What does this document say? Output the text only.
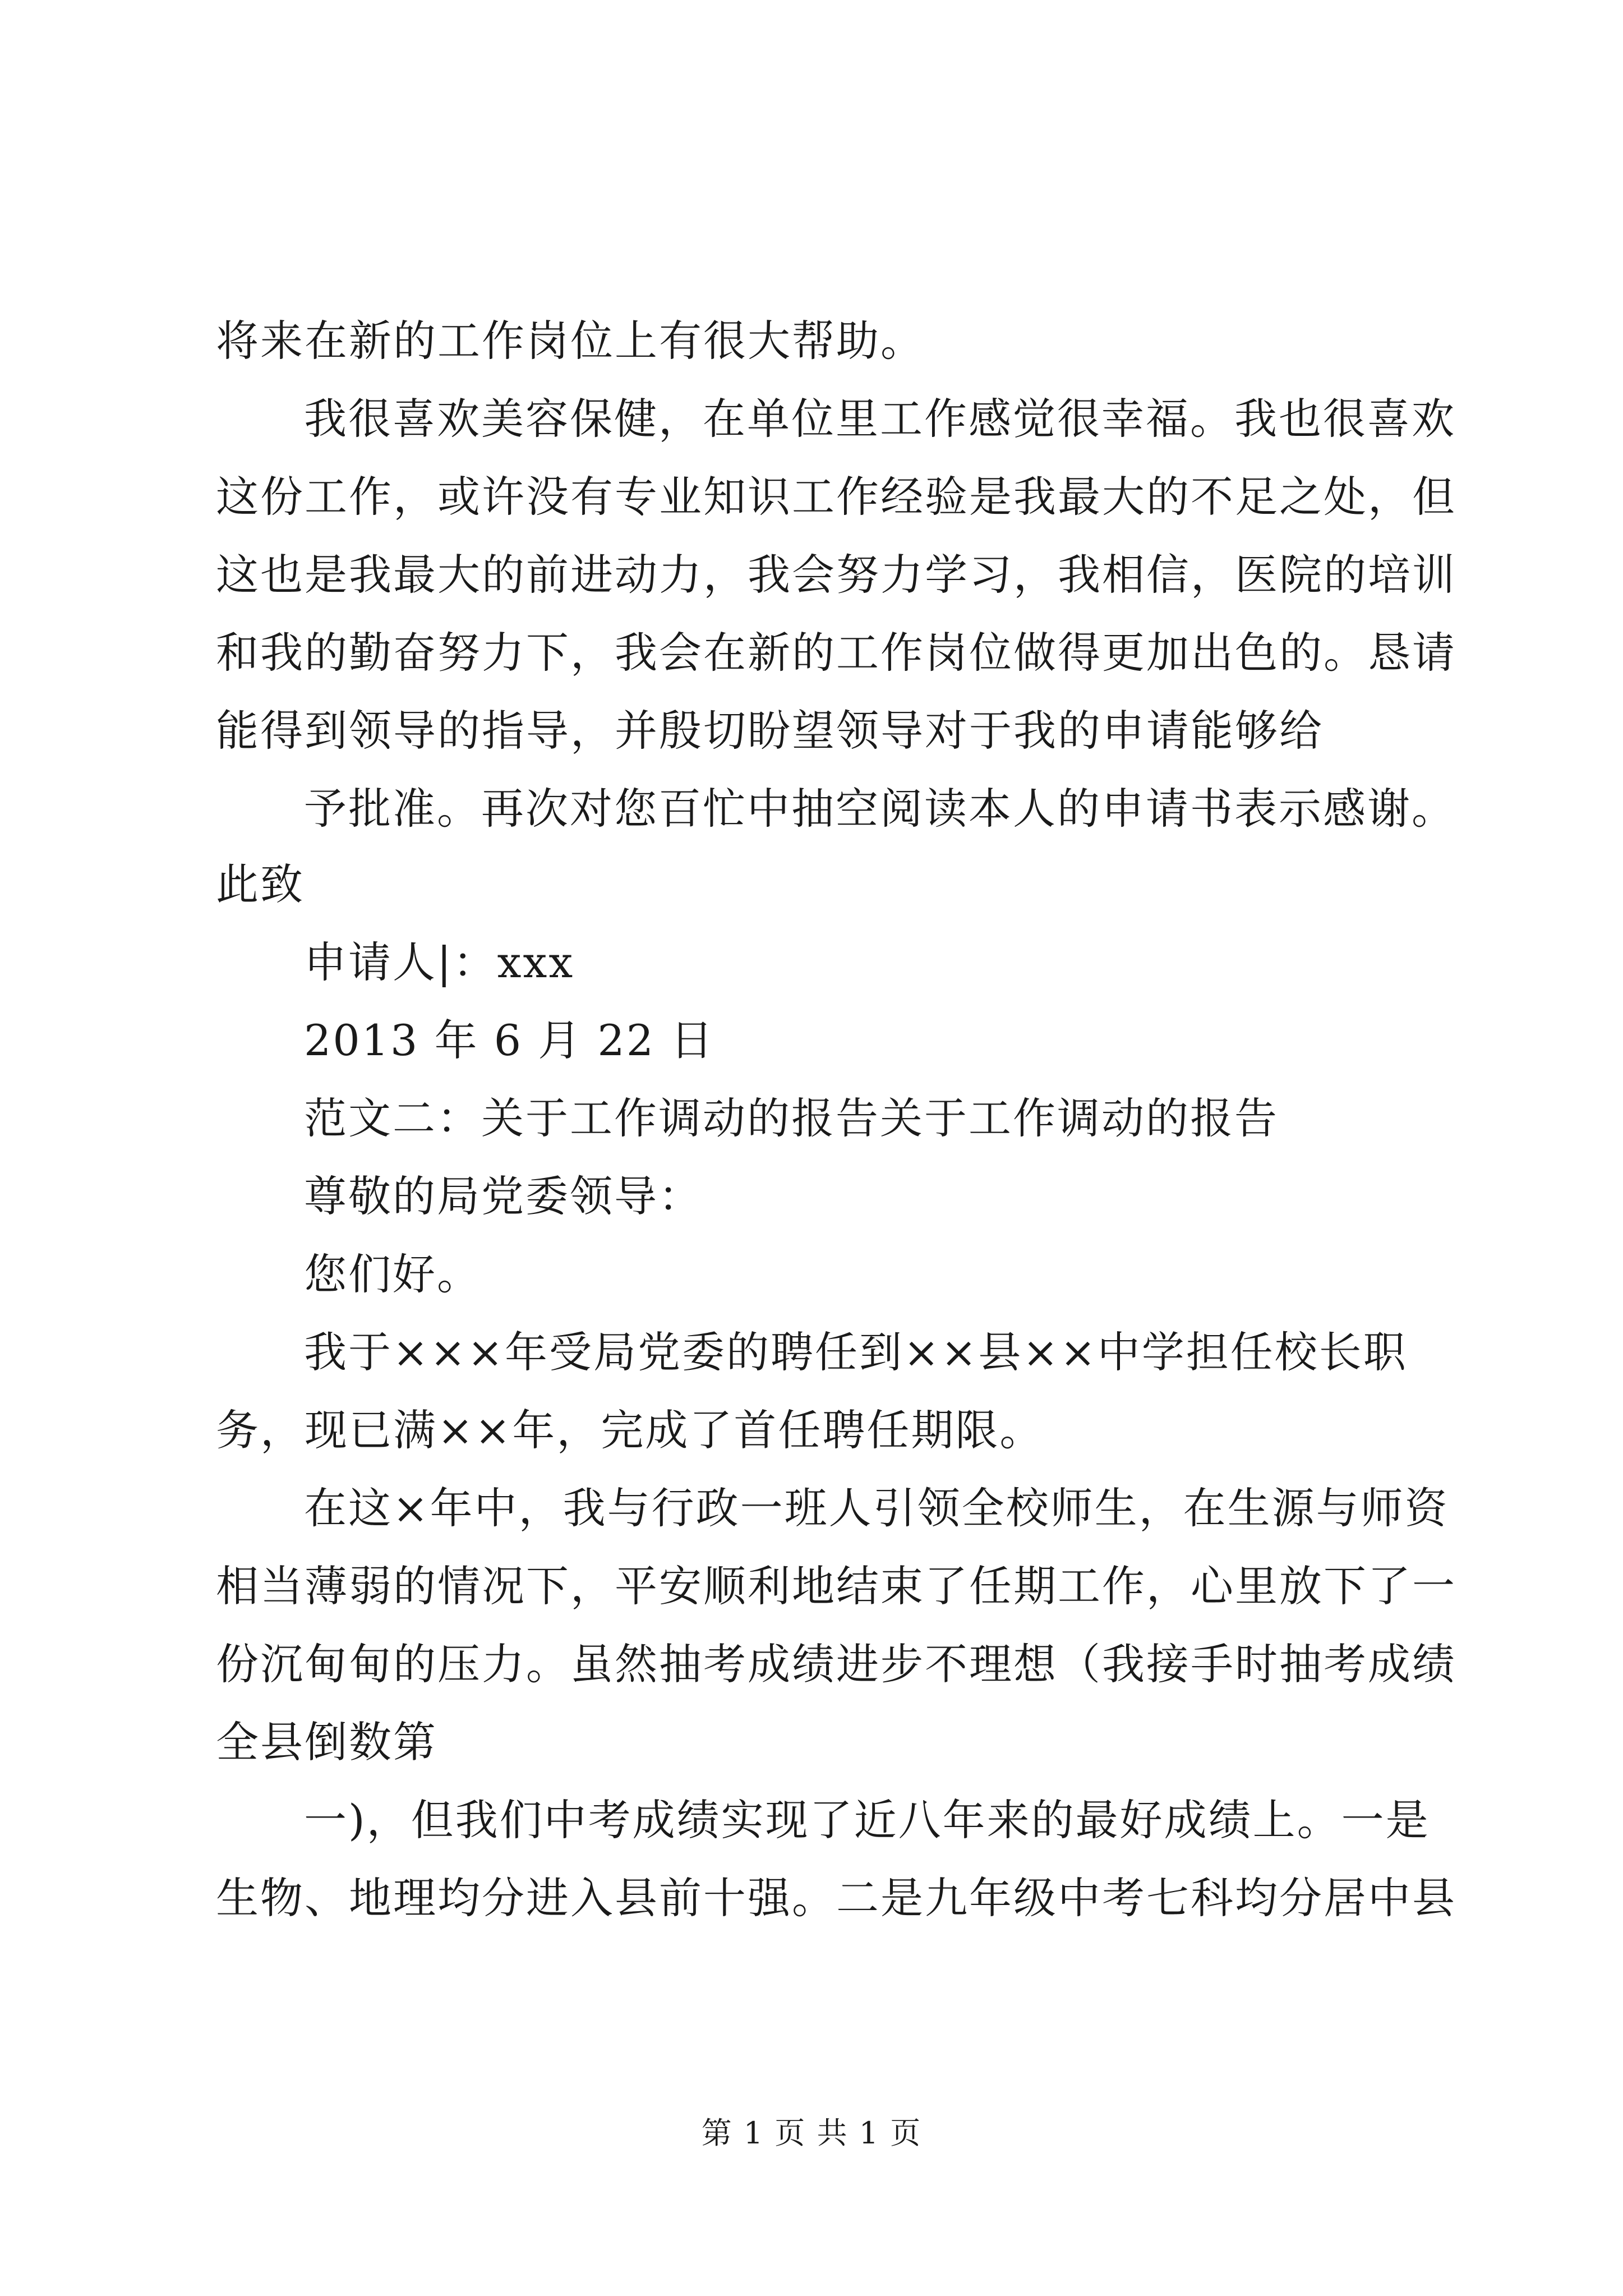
将来在新的工作岗位上有很大帮助。
我很喜欢美容保健，在单位里工作感觉很幸福。我也很喜欢
这份工作，或许没有专业知识工作经验是我最大的不足之处，但
这也是我最大的前进动力，我会努力学习，我相信，医院的培训
和我的勤奋努力下，我会在新的工作岗位做得更加出色的。恳请
能得到领导的指导，并殷切盼望领导对于我的申请能够给
予批准。再次对您百忙中抽空阅读本人的申请书表示感谢。
此致
申请人|：xxx
2013 年 6 月 22 日
范文二：关于工作调动的报告关于工作调动的报告
尊敬的局党委领导：
您们好。
我于×××年受局党委的聘任到××县××中学担任校长职
务，现已满××年，完成了首任聘任期限。
在这×年中，我与行政一班人引领全校师生，在生源与师资
相当薄弱的情况下，平安顺利地结束了任期工作，心里放下了一
份沉甸甸的压力。虽然抽考成绩进步不理想（我接手时抽考成绩
全县倒数第
一)，但我们中考成绩实现了近八年来的最好成绩上。一是
生物、地理均分进入县前十强。二是九年级中考七科均分居中县
第 1 页 共 1 页
